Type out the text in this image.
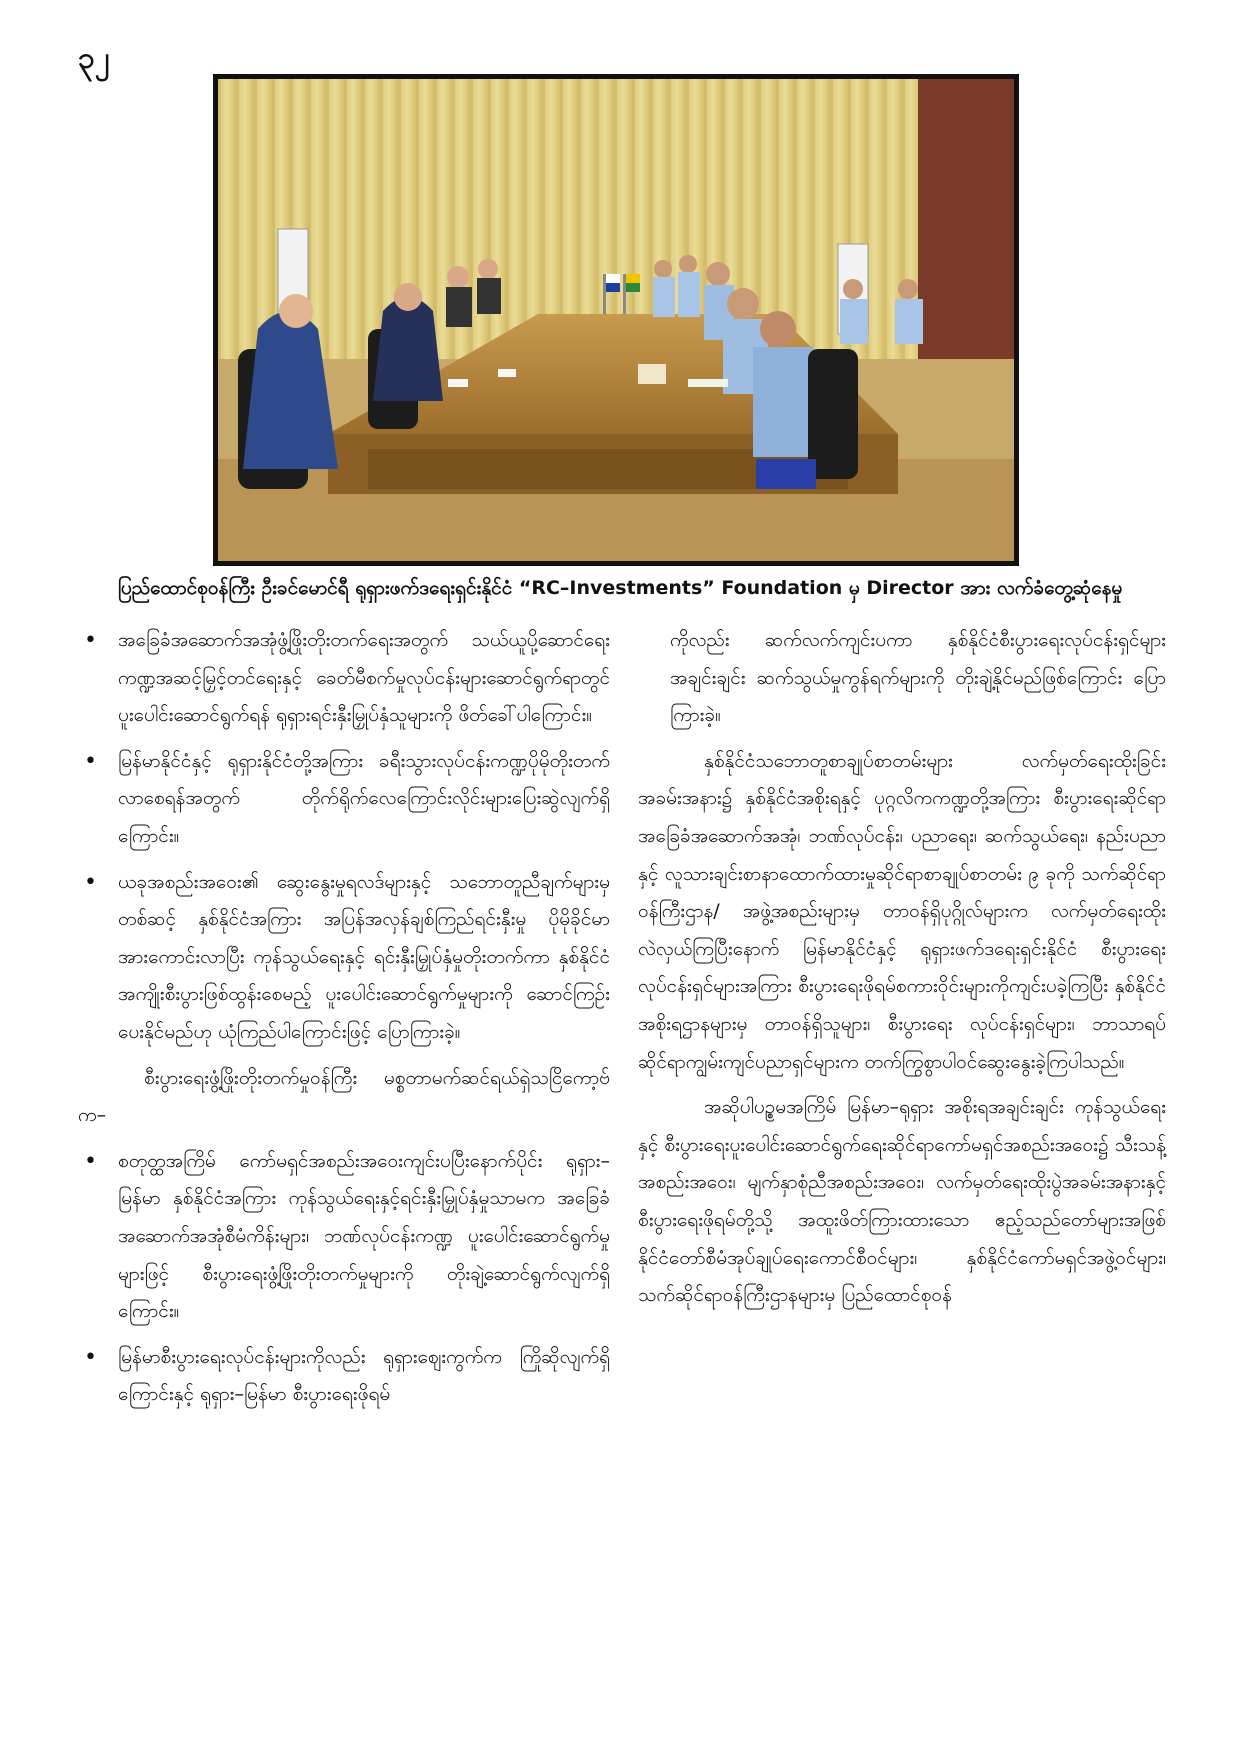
၃၂
ပြည်ထောင်စုဝန်ကြီး ဦးခင်မောင်ရီ ရုရှားဖက်ဒရေးရှင်းနိုင်ငံ “RC–Investments” Foundation မှ Director အား လက်ခံတွေ့ဆုံနေမှု
• အခြေခံအဆောက်အအုံဖွံ့ဖြိုးတိုးတက်ရေးအတွက် သယ်ယူပို့ဆောင်ရေးကဏ္ဍအဆင့်မြှင့်တင်ရေးနှင့် ခေတ်မီစက်မှုလုပ်ငန်းများဆောင်ရွက်ရာတွင် ပူးပေါင်းဆောင်ရွက်ရန် ရုရှားရင်းနှီးမြှုပ်နှံသူများကို ဖိတ်ခေါ်ပါကြောင်း။
• မြန်မာနိုင်ငံနှင့် ရုရှားနိုင်ငံတို့အကြား ခရီးသွားလုပ်ငန်းကဏ္ဍပိုမိုတိုးတက်လာစေရန်အတွက် တိုက်ရိုက်လေကြောင်းလိုင်းများပြေးဆွဲလျက်ရှိကြောင်း။
• ယခုအစည်းအဝေး၏ ဆွေးနွေးမှုရလဒ်များနှင့် သဘောတူညီချက်များမှတစ်ဆင့် နှစ်နိုင်ငံအကြား အပြန်အလှန်ချစ်ကြည်ရင်းနှီးမှု ပိုမိုခိုင်မာအားကောင်းလာပြီး ကုန်သွယ်ရေးနှင့် ရင်းနှီးမြှုပ်နှံမှုတိုးတက်ကာ နှစ်နိုင်ငံအကျိုးစီးပွားဖြစ်ထွန်းစေမည့် ပူးပေါင်းဆောင်ရွက်မှုများကို ဆောင်ကြဉ်းပေးနိုင်မည်ဟု ယုံကြည်ပါကြောင်းဖြင့် ပြောကြားခဲ့။

စီးပွားရေးဖွံ့ဖြိုးတိုးတက်မှုဝန်ကြီး မစ္စတာမက်ဆင်ရယ်ရှဲသငြိကော့ဗ်က–

• စတုတ္ထအကြိမ် ကော်မရှင်အစည်းအဝေးကျင်းပပြီးနောက်ပိုင်း ရုရှား–မြန်မာ နှစ်နိုင်ငံအကြား ကုန်သွယ်ရေးနှင့်ရင်းနှီးမြှုပ်နှံမှုသာမက အခြေခံအဆောက်အအုံစီမံကိန်းများ၊ ဘဏ်လုပ်ငန်းကဏ္ဍ ပူးပေါင်းဆောင်ရွက်မှုများဖြင့် စီးပွားရေးဖွံ့ဖြိုးတိုးတက်မှုများကို တိုးချဲ့ဆောင်ရွက်လျက်ရှိကြောင်း။
• မြန်မာစီးပွားရေးလုပ်ငန်းများကိုလည်း ရုရှားဈေးကွက်က ကြိုဆိုလျက်ရှိကြောင်းနှင့် ရုရှား–မြန်မာ စီးပွားရေးဖိုရမ်

ကိုလည်း ဆက်လက်ကျင်းပကာ နှစ်နိုင်ငံစီးပွားရေးလုပ်ငန်းရှင်များအချင်းချင်း ဆက်သွယ်မှုကွန်ရက်များကို တိုးချဲ့နိုင်မည်ဖြစ်ကြောင်း ပြောကြားခဲ့။

နှစ်နိုင်ငံသဘောတူစာချုပ်စာတမ်းများ လက်မှတ်ရေးထိုးခြင်းအခမ်းအနား၌ နှစ်နိုင်ငံအစိုးရနှင့် ပုဂ္ဂလိကကဏ္ဍတို့အကြား စီးပွားရေးဆိုင်ရာအခြေခံအဆောက်အအုံ၊ ဘဏ်လုပ်ငန်း၊ ပညာရေး၊ ဆက်သွယ်ရေး၊ နည်းပညာနှင့် လူသားချင်းစာနာထောက်ထားမှုဆိုင်ရာစာချုပ်စာတမ်း ၉ ခုကို သက်ဆိုင်ရာဝန်ကြီးဌာန/ အဖွဲ့အစည်းများမှ တာဝန်ရှိပုဂ္ဂိုလ်များက လက်မှတ်ရေးထိုးလဲလှယ်ကြပြီးနောက် မြန်မာနိုင်ငံနှင့် ရုရှားဖက်ဒရေးရှင်းနိုင်ငံ စီးပွားရေးလုပ်ငန်းရှင်များအကြား စီးပွားရေးဖိုရမ်စကားဝိုင်းများကိုကျင်းပခဲ့ကြပြီး နှစ်နိုင်ငံအစိုးရဌာနများမှ တာဝန်ရှိသူများ၊ စီးပွားရေး လုပ်ငန်းရှင်များ၊ ဘာသာရပ်ဆိုင်ရာကျွမ်းကျင်ပညာရှင်များက တက်ကြွစွာပါဝင်ဆွေးနွေးခဲ့ကြပါသည်။

အဆိုပါပဉ္စမအကြိမ် မြန်မာ–ရုရှား အစိုးရအချင်းချင်း ကုန်သွယ်ရေးနှင့် စီးပွားရေးပူးပေါင်းဆောင်ရွက်ရေးဆိုင်ရာကော်မရှင်အစည်းအဝေး၌ သီးသန့်အစည်းအဝေး၊ မျက်နှာစုံညီအစည်းအဝေး၊ လက်မှတ်ရေးထိုးပွဲအခမ်းအနားနှင့် စီးပွားရေးဖိုရမ်တို့သို့ အထူးဖိတ်ကြားထားသော ဧည့်သည်တော်များအဖြစ် နိုင်ငံတော်စီမံအုပ်ချုပ်ရေးကောင်စီဝင်များ၊ နှစ်နိုင်ငံကော်မရှင်အဖွဲ့ဝင်များ၊ သက်ဆိုင်ရာဝန်ကြီးဌာနများမှ ပြည်ထောင်စုဝန်
